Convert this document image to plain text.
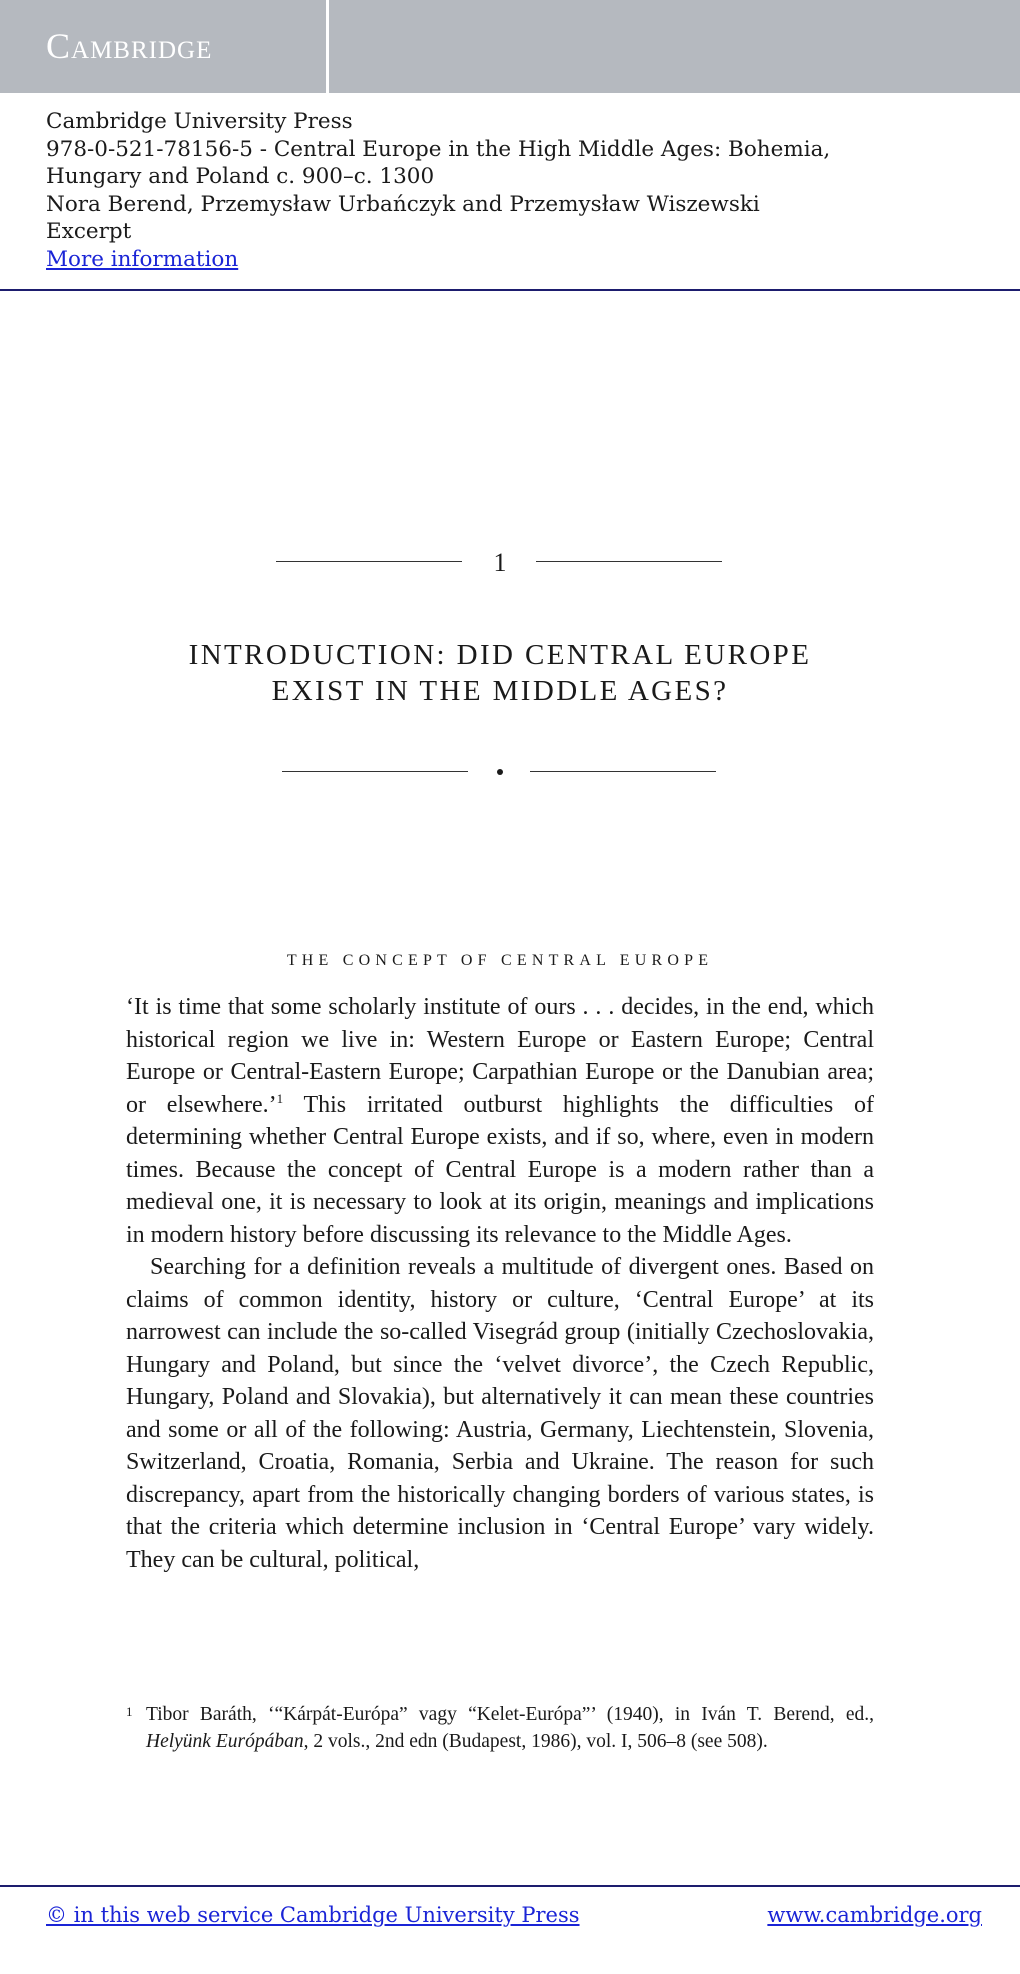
Cambridge
Cambridge University Press
978-0-521-78156-5 - Central Europe in the High Middle Ages: Bohemia,
Hungary and Poland c. 900–c. 1300
Nora Berend, Przemysław Urbańczyk and Przemysław Wiszewski
Excerpt
More information
1
INTRODUCTION: DID CENTRAL EUROPE
EXIST IN THE MIDDLE AGES?
THE CONCEPT OF CENTRAL EUROPE

‘It is time that some scholarly institute of ours . . . decides, in the end, which historical region we live in: Western Europe or Eastern Europe; Central Europe or Central-Eastern Europe; Carpathian Europe or the Danubian area; or elsewhere.’$^1$ This irritated outburst highlights the difficulties of determining whether Central Europe exists, and if so, where, even in modern times. Because the concept of Central Europe is a modern rather than a medieval one, it is necessary to look at its origin, meanings and implications in modern history before discussing its relevance to the Middle Ages.

Searching for a definition reveals a multitude of divergent ones. Based on claims of common identity, history or culture, ‘Central Europe’ at its narrowest can include the so-called Visegrád group (initially Czechoslovakia, Hungary and Poland, but since the ‘velvet divorce’, the Czech Republic, Hungary, Poland and Slovakia), but alternatively it can mean these countries and some or all of the following: Austria, Germany, Liechtenstein, Slovenia, Switzerland, Croatia, Romania, Serbia and Ukraine. The reason for such discrepancy, apart from the historically changing borders of various states, is that the criteria which determine inclusion in ‘Central Europe’ vary widely. They can be cultural, political,

1 Tibor Baráth, ‘“Kárpát-Európa” vagy “Kelet-Európa”’ (1940), in Iván T. Berend, ed., Helyünk Európában, 2 vols., 2nd edn (Budapest, 1986), vol. I, 506–8 (see 508).
© in this web service Cambridge University Press	www.cambridge.org
